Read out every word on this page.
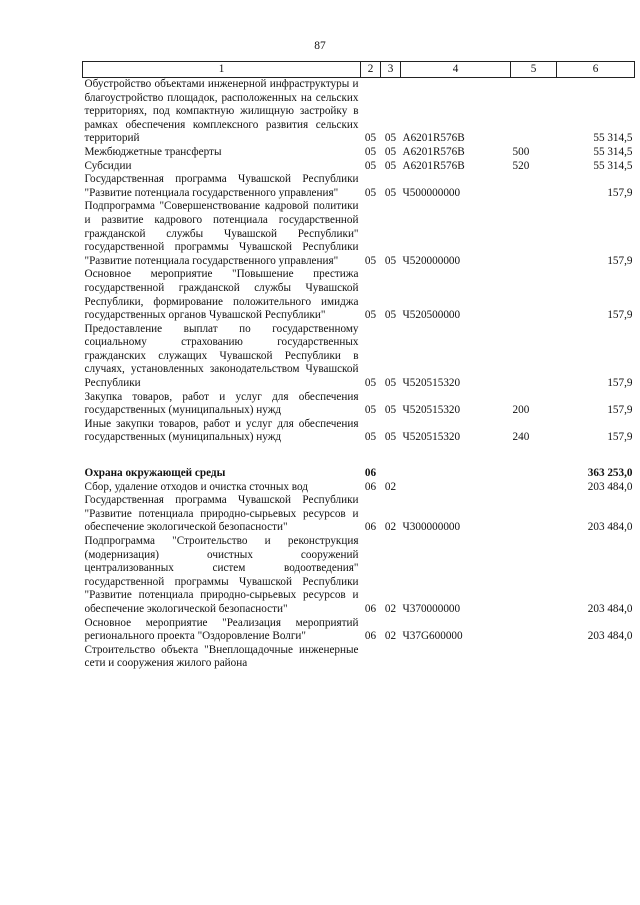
87
1	2	3	4	5	6
Обустройство объектами инженерной инфраструктуры и благоустройство площадок, расположенных на сельских территориях, под компактную жилищную застройку в рамках обеспечения комплексного развития сельских территорий	05	05	А6201R576В		55 314,5
Межбюджетные трансферты	05	05	А6201R576В	500	55 314,5
Субсидии	05	05	А6201R576В	520	55 314,5
Государственная программа Чувашской Республики "Развитие потенциала государственного управления"	05	05	Ч500000000		157,9
Подпрограмма "Совершенствование кадровой политики и развитие кадрового потенциала государственной гражданской службы Чувашской Республики" государственной программы Чувашской Республики "Развитие потенциала государственного управления"	05	05	Ч520000000		157,9
Основное мероприятие "Повышение престижа государственной гражданской службы Чувашской Республики, формирование положительного имиджа государственных органов Чувашской Республики"	05	05	Ч520500000		157,9
Предоставление выплат по государственному социальному страхованию государственных гражданских служащих Чувашской Республики в случаях, установленных законодательством Чувашской Республики	05	05	Ч520515320		157,9
Закупка товаров, работ и услуг для обеспечения государственных (муниципальных) нужд	05	05	Ч520515320	200	157,9
Иные закупки товаров, работ и услуг для обеспечения государственных (муниципальных) нужд	05	05	Ч520515320	240	157,9

Охрана окружающей среды	06				363 253,0
Сбор, удаление отходов и очистка сточных вод	06	02			203 484,0
Государственная программа Чувашской Республики "Развитие потенциала природно-сырьевых ресурсов и обеспечение экологической безопасности"	06	02	Ч300000000		203 484,0
Подпрограмма "Строительство и реконструкция (модернизация) очистных сооружений централизованных систем водоотведения" государственной программы Чувашской Республики "Развитие потенциала природно-сырьевых ресурсов и обеспечение экологической безопасности"	06	02	Ч370000000		203 484,0
Основное мероприятие "Реализация мероприятий регионального проекта "Оздоровление Волги"	06	02	Ч37G600000		203 484,0
Строительство объекта "Внеплощадочные инженерные сети и сооружения жилого района					
